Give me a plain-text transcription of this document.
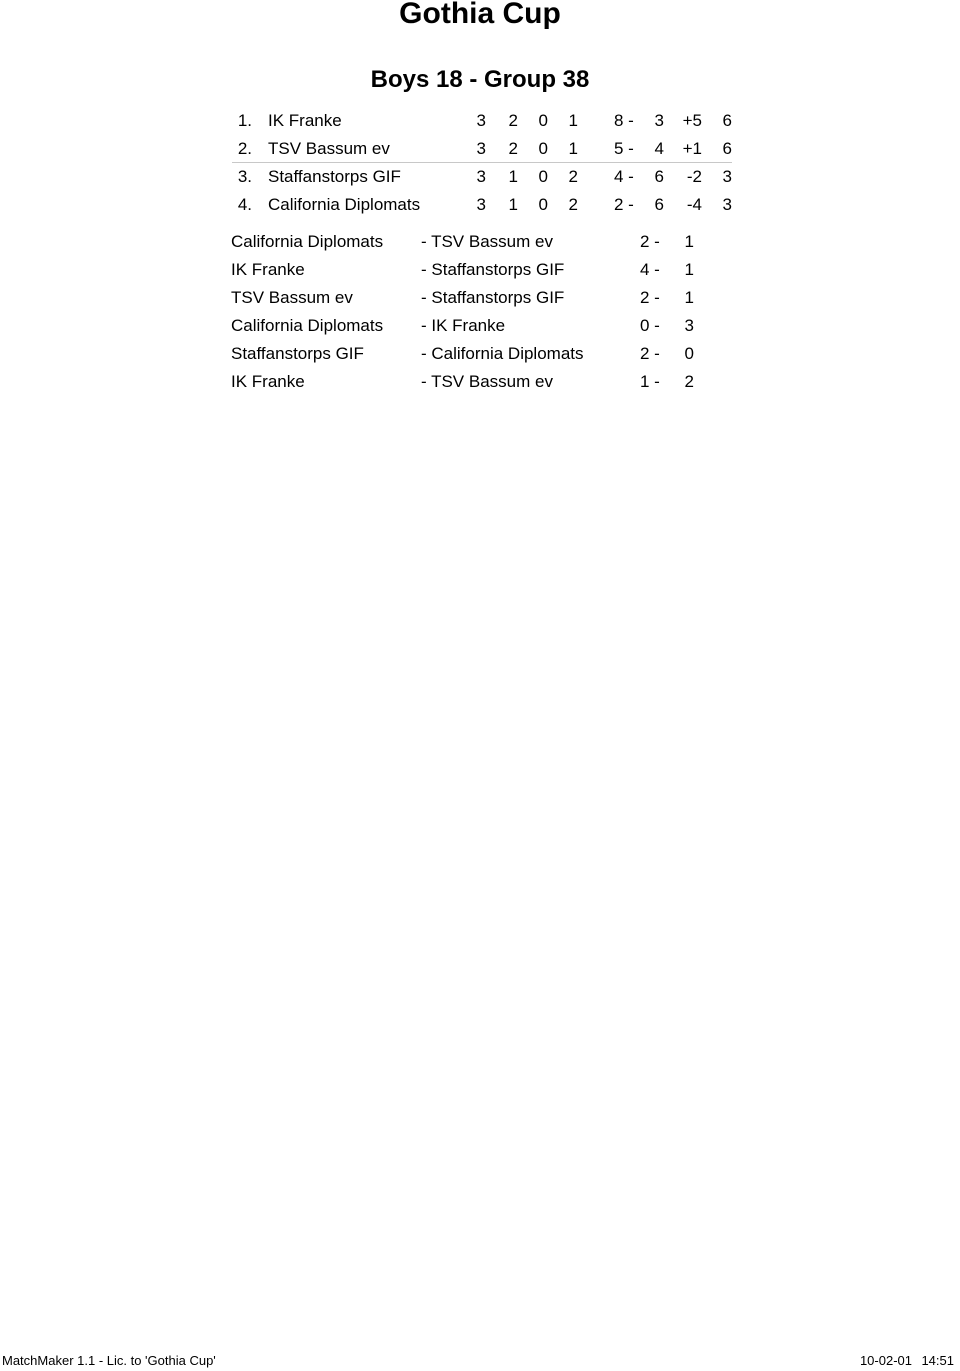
Gothia Cup
Boys 18 - Group 38
1. IK Franke	3 2 0 1 8 - 3 +5 6
2. TSV Bassum ev	3 2 0 1 5 - 4 +1 6
3. Staffanstorps GIF	3 1 0 2 4 - 6 -2 3
4. California Diplomats	3 1 0 2 2 - 6 -4 3
California Diplomats - TSV Bassum ev	2 - 1
IK Franke	- Staffanstorps GIF	4 - 1
TSV Bassum ev	- Staffanstorps GIF	2 - 1
California Diplomats - IK Franke	0 - 3
Staffanstorps GIF	- California Diplomats	2 - 0
IK Franke	- TSV Bassum ev	1 - 2
MatchMaker 1.1 - Lic. to 'Gothia Cup'	10-02-01 14:51
